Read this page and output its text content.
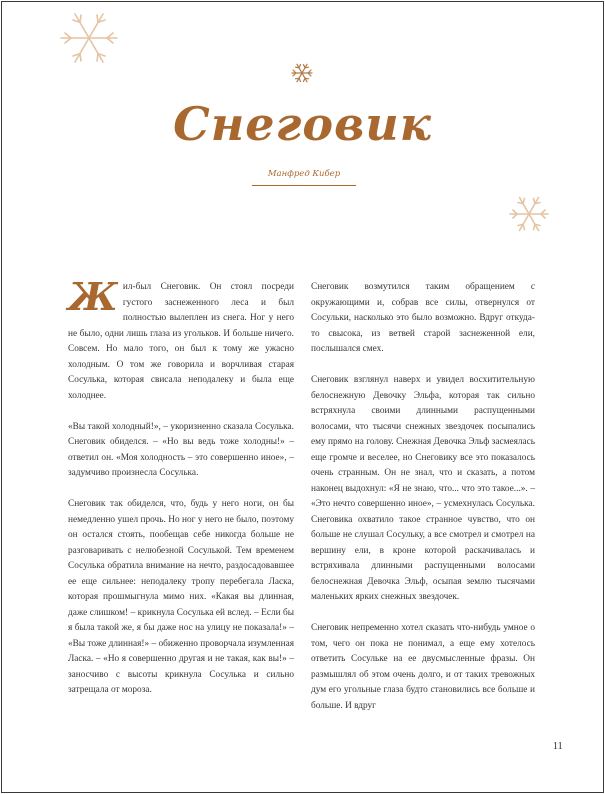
Снеговик
Манфред Кибер

Жил-был Снеговик. Он стоял посреди густого заснеженного леса и был полностью вылеплен из снега. Ног у него не было, одни лишь глаза из угольков. И больше ничего. Совсем. Но мало того, он был к тому же ужасно холодным. О том же говорила и ворчливая старая Сосулька, которая свисала неподалеку и была еще холоднее.

«Вы такой холодный!», – укоризненно сказала Сосулька. Снеговик обиделся. – «Но вы ведь тоже холодны!» – ответил он. «Моя холодность – это совершенно иное», – задумчиво произнесла Сосулька.

Снеговик так обиделся, что, будь у него ноги, он бы немедленно ушел прочь. Но ног у него не было, поэтому он остался стоять, пообещав себе никогда больше не разговаривать с нелюбезной Сосулькой. Тем временем Сосулька обратила внимание на нечто, раздосадовавшее ее еще сильнее: неподалеку тропу перебегала Ласка, которая прошмыгнула мимо них. «Какая вы длинная, даже слишком! – крикнула Сосулька ей вслед. – Если бы я была такой же, я бы даже нос на улицу не показала!» – «Вы тоже длинная!» – обиженно проворчала изумленная Ласка. – «Но я совершенно другая и не такая, как вы!» – заносчиво с высоты крикнула Сосулька и сильно затрещала от мороза.

Снеговик возмутился таким обращением с окружающими и, собрав все силы, отвернулся от Сосульки, насколько это было возможно. Вдруг откуда-то свысока, из ветвей старой заснеженной ели, послышался смех.

Снеговик взглянул наверх и увидел восхитительную белоснежную Девочку Эльфа, которая так сильно встряхнула своими длинными распущенными волосами, что тысячи снежных звездочек посыпались ему прямо на голову. Снежная Девочка Эльф засмеялась еще громче и веселее, но Снеговику все это показалось очень странным. Он не знал, что и сказать, а потом наконец выдохнул: «Я не знаю, что... что это такое...». – «Это нечто совершенно иное», – усмехнулась Сосулька. Снеговика охватило такое странное чувство, что он больше не слушал Сосульку, а все смотрел и смотрел на вершину ели, в кроне которой раскачивалась и встряхивала длинными распущенными волосами белоснежная Девочка Эльф, осыпая землю тысячами маленьких ярких снежных звездочек.

Снеговик непременно хотел сказать что-нибудь умное о том, чего он пока не понимал, а еще ему хотелось ответить Сосульке на ее двусмысленные фразы. Он размышлял об этом очень долго, и от таких тревожных дум его угольные глаза будто становились все больше и больше. И вдруг

11
